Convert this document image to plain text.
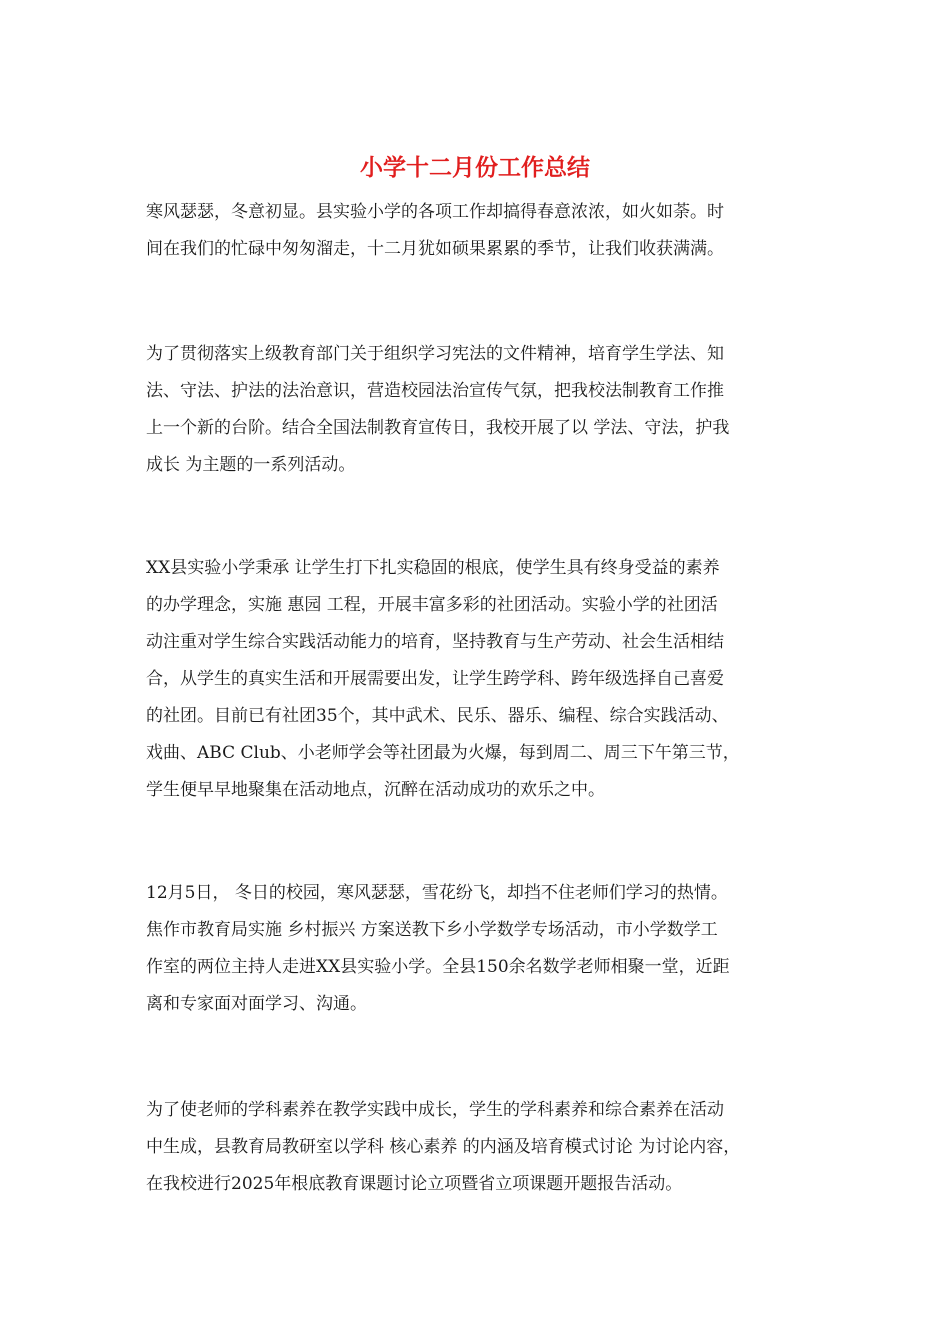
小学十二月份工作总结
寒风瑟瑟，冬意初显。县实验小学的各项工作却搞得春意浓浓，如火如荼。时
间在我们的忙碌中匆匆溜走，十二月犹如硕果累累的季节，让我们收获满满。
为了贯彻落实上级教育部门关于组织学习宪法的文件精神，培育学生学法、知
法、守法、护法的法治意识，营造校园法治宣传气氛，把我校法制教育工作推
上一个新的台阶。结合全国法制教育宣传日，我校开展了以 学法、守法，护我
成长 为主题的一系列活动。
XX县实验小学秉承 让学生打下扎实稳固的根底，使学生具有终身受益的素养
的办学理念，实施 惠园 工程，开展丰富多彩的社团活动。实验小学的社团活
动注重对学生综合实践活动能力的培育，坚持教育与生产劳动、社会生活相结
合，从学生的真实生活和开展需要出发，让学生跨学科、跨年级选择自己喜爱
的社团。目前已有社团35个，其中武术、民乐、器乐、编程、综合实践活动、
戏曲、ABC Club、小老师学会等社团最为火爆，每到周二、周三下午第三节，
学生便早早地聚集在活动地点，沉醉在活动成功的欢乐之中。
12月5日， 冬日的校园，寒风瑟瑟，雪花纷飞，却挡不住老师们学习的热情。
焦作市教育局实施 乡村振兴 方案送教下乡小学数学专场活动，市小学数学工
作室的两位主持人走进XX县实验小学。全县150余名数学老师相聚一堂，近距
离和专家面对面学习、沟通。
为了使老师的学科素养在教学实践中成长，学生的学科素养和综合素养在活动
中生成，县教育局教研室以学科 核心素养 的内涵及培育模式讨论 为讨论内容，
在我校进行2025年根底教育课题讨论立项暨省立项课题开题报告活动。
